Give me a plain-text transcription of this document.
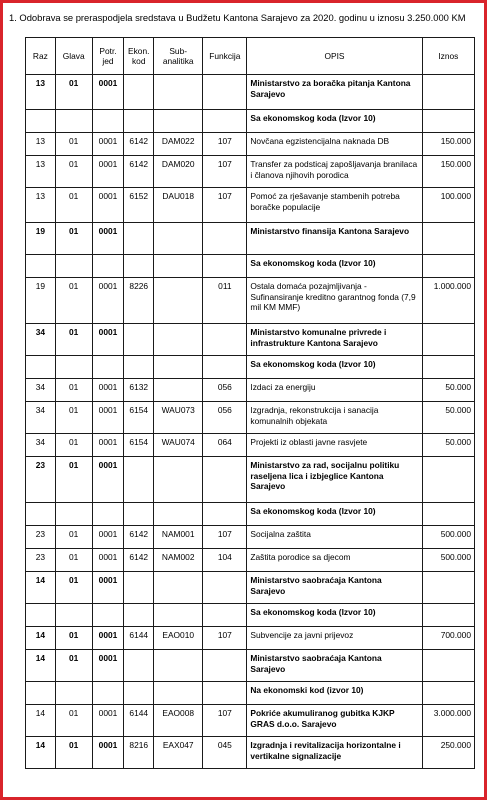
1. Odobrava se preraspodjela sredstava u Budžetu Kantona Sarajevo za 2020. godinu u iznosu 3.250.000 KM
Raz	Glava	Potr. jed	Ekon. kod	Sub-analitika	Funkcija	OPIS	Iznos
13	01	0001				Ministarstvo za boračka pitanja Kantona Sarajevo	
						Sa ekonomskog koda (Izvor 10)	
13	01	0001	6142	DAM022	107	Novčana egzistencijalna naknada DB	150.000
13	01	0001	6142	DAM020	107	Transfer za podsticaj zapošljavanja branilaca i članova njihovih porodica	150.000
13	01	0001	6152	DAU018	107	Pomoć za rješavanje stambenih potreba boračke populacije	100.000
19	01	0001				Ministarstvo finansija Kantona Sarajevo	
						Sa ekonomskog koda (Izvor 10)	
19	01	0001	8226		011	Ostala domaća pozajmljivanja - Sufinansiranje kreditno garantnog fonda (7,9 mil KM MMF)	1.000.000
34	01	0001				Ministarstvo komunalne privrede i infrastrukture Kantona Sarajevo	
						Sa ekonomskog koda (Izvor 10)	
34	01	0001	6132		056	Izdaci za energiju	50.000
34	01	0001	6154	WAU073	056	Izgradnja, rekonstrukcija i sanacija komunalnih objekata	50.000
34	01	0001	6154	WAU074	064	Projekti iz oblasti javne rasvjete	50.000
23	01	0001				Ministarstvo za rad, socijalnu politiku raseljena lica i izbjeglice Kantona Sarajevo	
						Sa ekonomskog koda (Izvor 10)	
23	01	0001	6142	NAM001	107	Socijalna zaštita	500.000
23	01	0001	6142	NAM002	104	Zaštita porodice sa djecom	500.000
14	01	0001				Ministarstvo saobraćaja Kantona Sarajevo	
						Sa ekonomskog koda (Izvor 10)	
14	01	0001	6144	EAO010	107	Subvencije za javni prijevoz	700.000
14	01	0001				Ministarstvo saobraćaja Kantona Sarajevo	
						Na ekonomski kod (izvor 10)	
14	01	0001	6144	EAO008	107	Pokriće akumuliranog gubitka KJKP GRAS d.o.o. Sarajevo	3.000.000
14	01	0001	8216	EAX047	045	Izgradnja i revitalizacija horizontalne i vertikalne signalizacije	250.000
